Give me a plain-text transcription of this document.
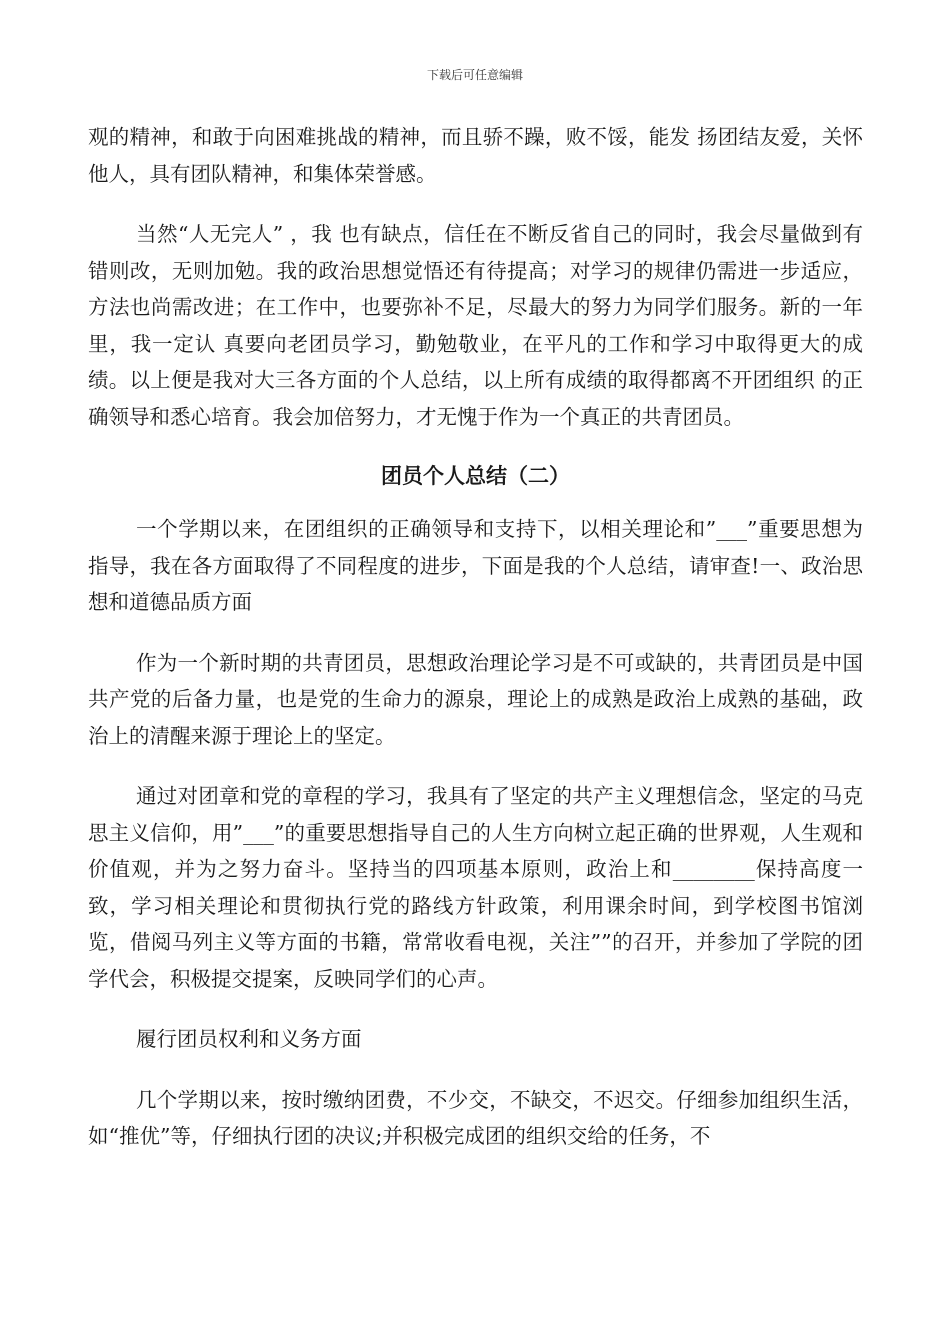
下载后可任意编辑

观的精神，和敢于向困难挑战的精神，而且骄不躁，败不馁，能发 扬团结友爱，关怀他人，具有团队精神，和集体荣誉感。

当然“人无完人” ，我 也有缺点，信任在不断反省自己的同时，我会尽量做到有错则改，无则加勉。我的政治思想觉悟还有待提高；对学习的规律仍需进一步适应， 方法也尚需改进；在工作中，也要弥补不足，尽最大的努力为同学们服务。新的一年里，我一定认 真要向老团员学习，勤勉敬业，在平凡的工作和学习中取得更大的成绩。以上便是我对大三各方面的个人总结，以上所有成绩的取得都离不开团组织 的正确领导和悉心培育。我会加倍努力，才无愧于作为一个真正的共青团员。

团员个人总结（二）

一个学期以来，在团组织的正确领导和支持下，以相关理论和”___”重要思想为指导，我在各方面取得了不同程度的进步，下面是我的个人总结，请审查!一、政治思想和道德品质方面

作为一个新时期的共青团员，思想政治理论学习是不可或缺的，共青团员是中国共产党的后备力量，也是党的生命力的源泉，理论上的成熟是政治上成熟的基础，政治上的清醒来源于理论上的坚定。

通过对团章和党的章程的学习，我具有了坚定的共产主义理想信念，坚定的马克思主义信仰，用”___”的重要思想指导自己的人生方向树立起正确的世界观，人生观和价值观，并为之努力奋斗。坚持当的四项基本原则，政治上和________保持高度一致，学习相关理论和贯彻执行党的路线方针政策，利用课余时间，到学校图书馆浏览，借阅马列主义等方面的书籍，常常收看电视，关注””的召开，并参加了学院的团学代会，积极提交提案，反映同学们的心声。

履行团员权利和义务方面

几个学期以来，按时缴纳团费，不少交，不缺交，不迟交。仔细参加组织生活，如“推优”等，仔细执行团的决议;并积极完成团的组织交给的任务，不
